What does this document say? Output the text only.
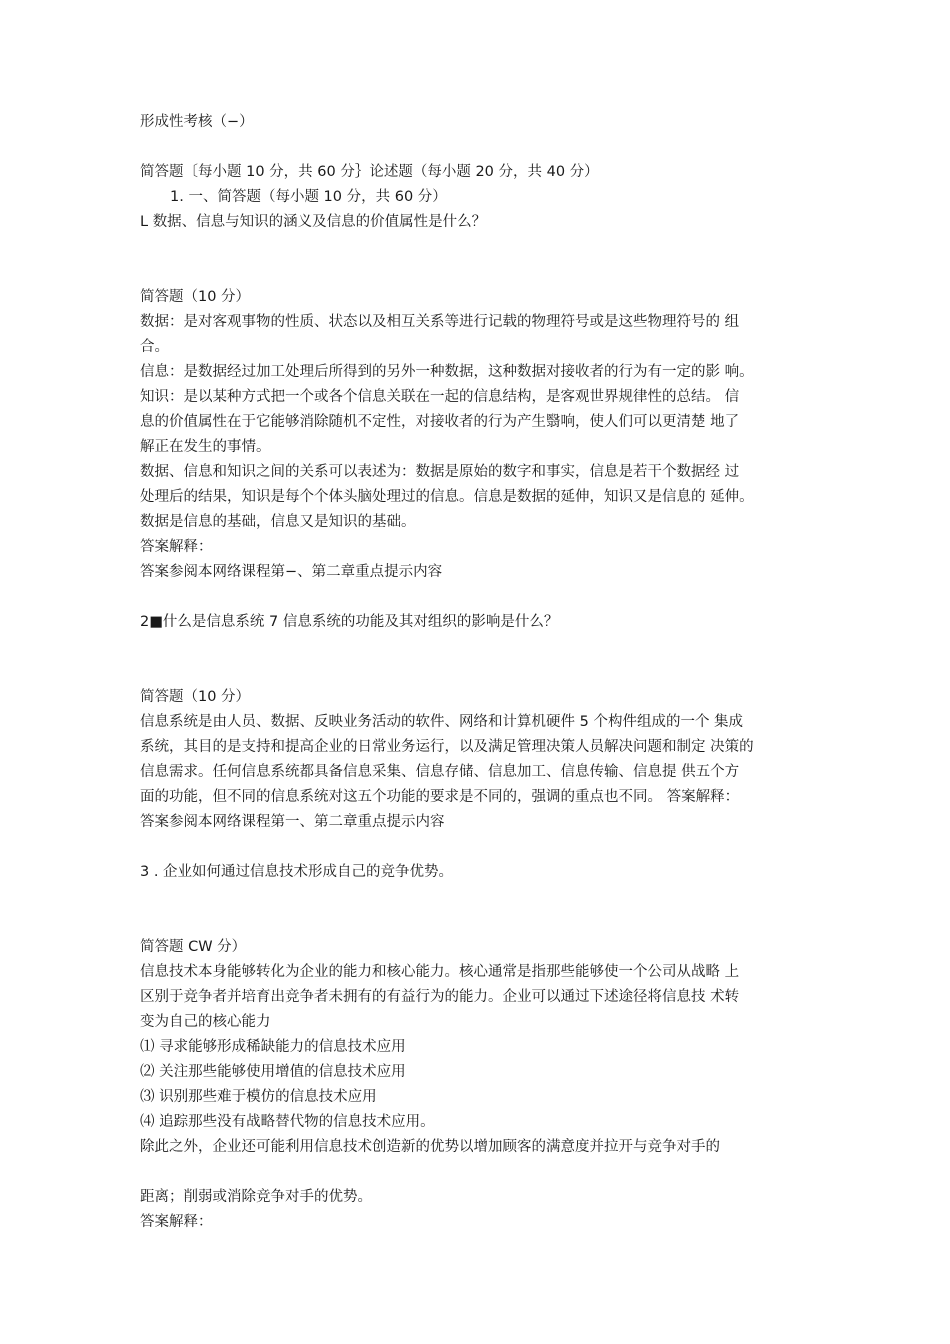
形成性考核（−）
简答题〔每小题 10 分，共 60 分｝论述题（每小题 20 分，共 40 分）
1. 一、简答题（每小题 10 分，共 60 分）
L 数据、信息与知识的涵义及信息的价值属性是什么？
简答题（10 分）
数据：是对客观事物的性质、状态以及相互关系等进行记载的物理符号或是这些物理符号的 组
合。
信息：是数据经过加工处理后所得到的另外一种数据，这种数据对接收者的行为有一定的影 响。
知识：是以某种方式把一个或各个信息关联在一起的信息结构，是客观世界规律性的总结。 信
息的价值属性在于它能够消除随机不定性，对接收者的行为产生翳响，使人们可以更清楚 地了
解正在发生的事情。
数据、信息和知识之间的关系可以表述为：数据是原始的数字和事实，信息是若干个数据经 过
处理后的结果，知识是每个个体头脑处理过的信息。信息是数据的延伸，知识又是信息的 延伸。
数据是信息的基础，信息又是知识的基础。
答案解释：
答案参阅本网络课程第−、第二章重点提示内容
2■什么是信息系统 7 信息系统的功能及其对组织的影响是什么？
简答题（10 分）
信息系统是由人员、数据、反映业务活动的软件、网络和计算机硬件 5 个构件组成的一个 集成
系统，其目的是支持和提高企业的日常业务运行，以及满足管理决策人员解决问题和制定 决策的
信息需求。任何信息系统都具备信息采集、信息存储、信息加工、信息传输、信息提 供五个方
面的功能，但不同的信息系统对这五个功能的要求是不同的，强调的重点也不同。 答案解释：
答案参阅本网络课程第一、第二章重点提示内容
3 . 企业如何通过信息技术形成自己的竞争优势。
简答题 CW 分）
信息技术本身能够转化为企业的能力和核心能力。核心通常是指那些能够使一个公司从战略 上
区别于竞争者并培育出竞争者未拥有的有益行为的能力。企业可以通过下述途径将信息技 术转
变为自己的核心能力
⑴ 寻求能够形成稀缺能力的信息技术应用
⑵ 关注那些能够使用增值的信息技术应用
⑶ 识别那些难于模仿的信息技术应用
⑷ 追踪那些没有战略替代物的信息技术应用。
除此之外，企业还可能利用信息技术创造新的优势以增加顾客的满意度并拉开与竞争对手的
距离；削弱或消除竞争对手的优势。
答案解释：
